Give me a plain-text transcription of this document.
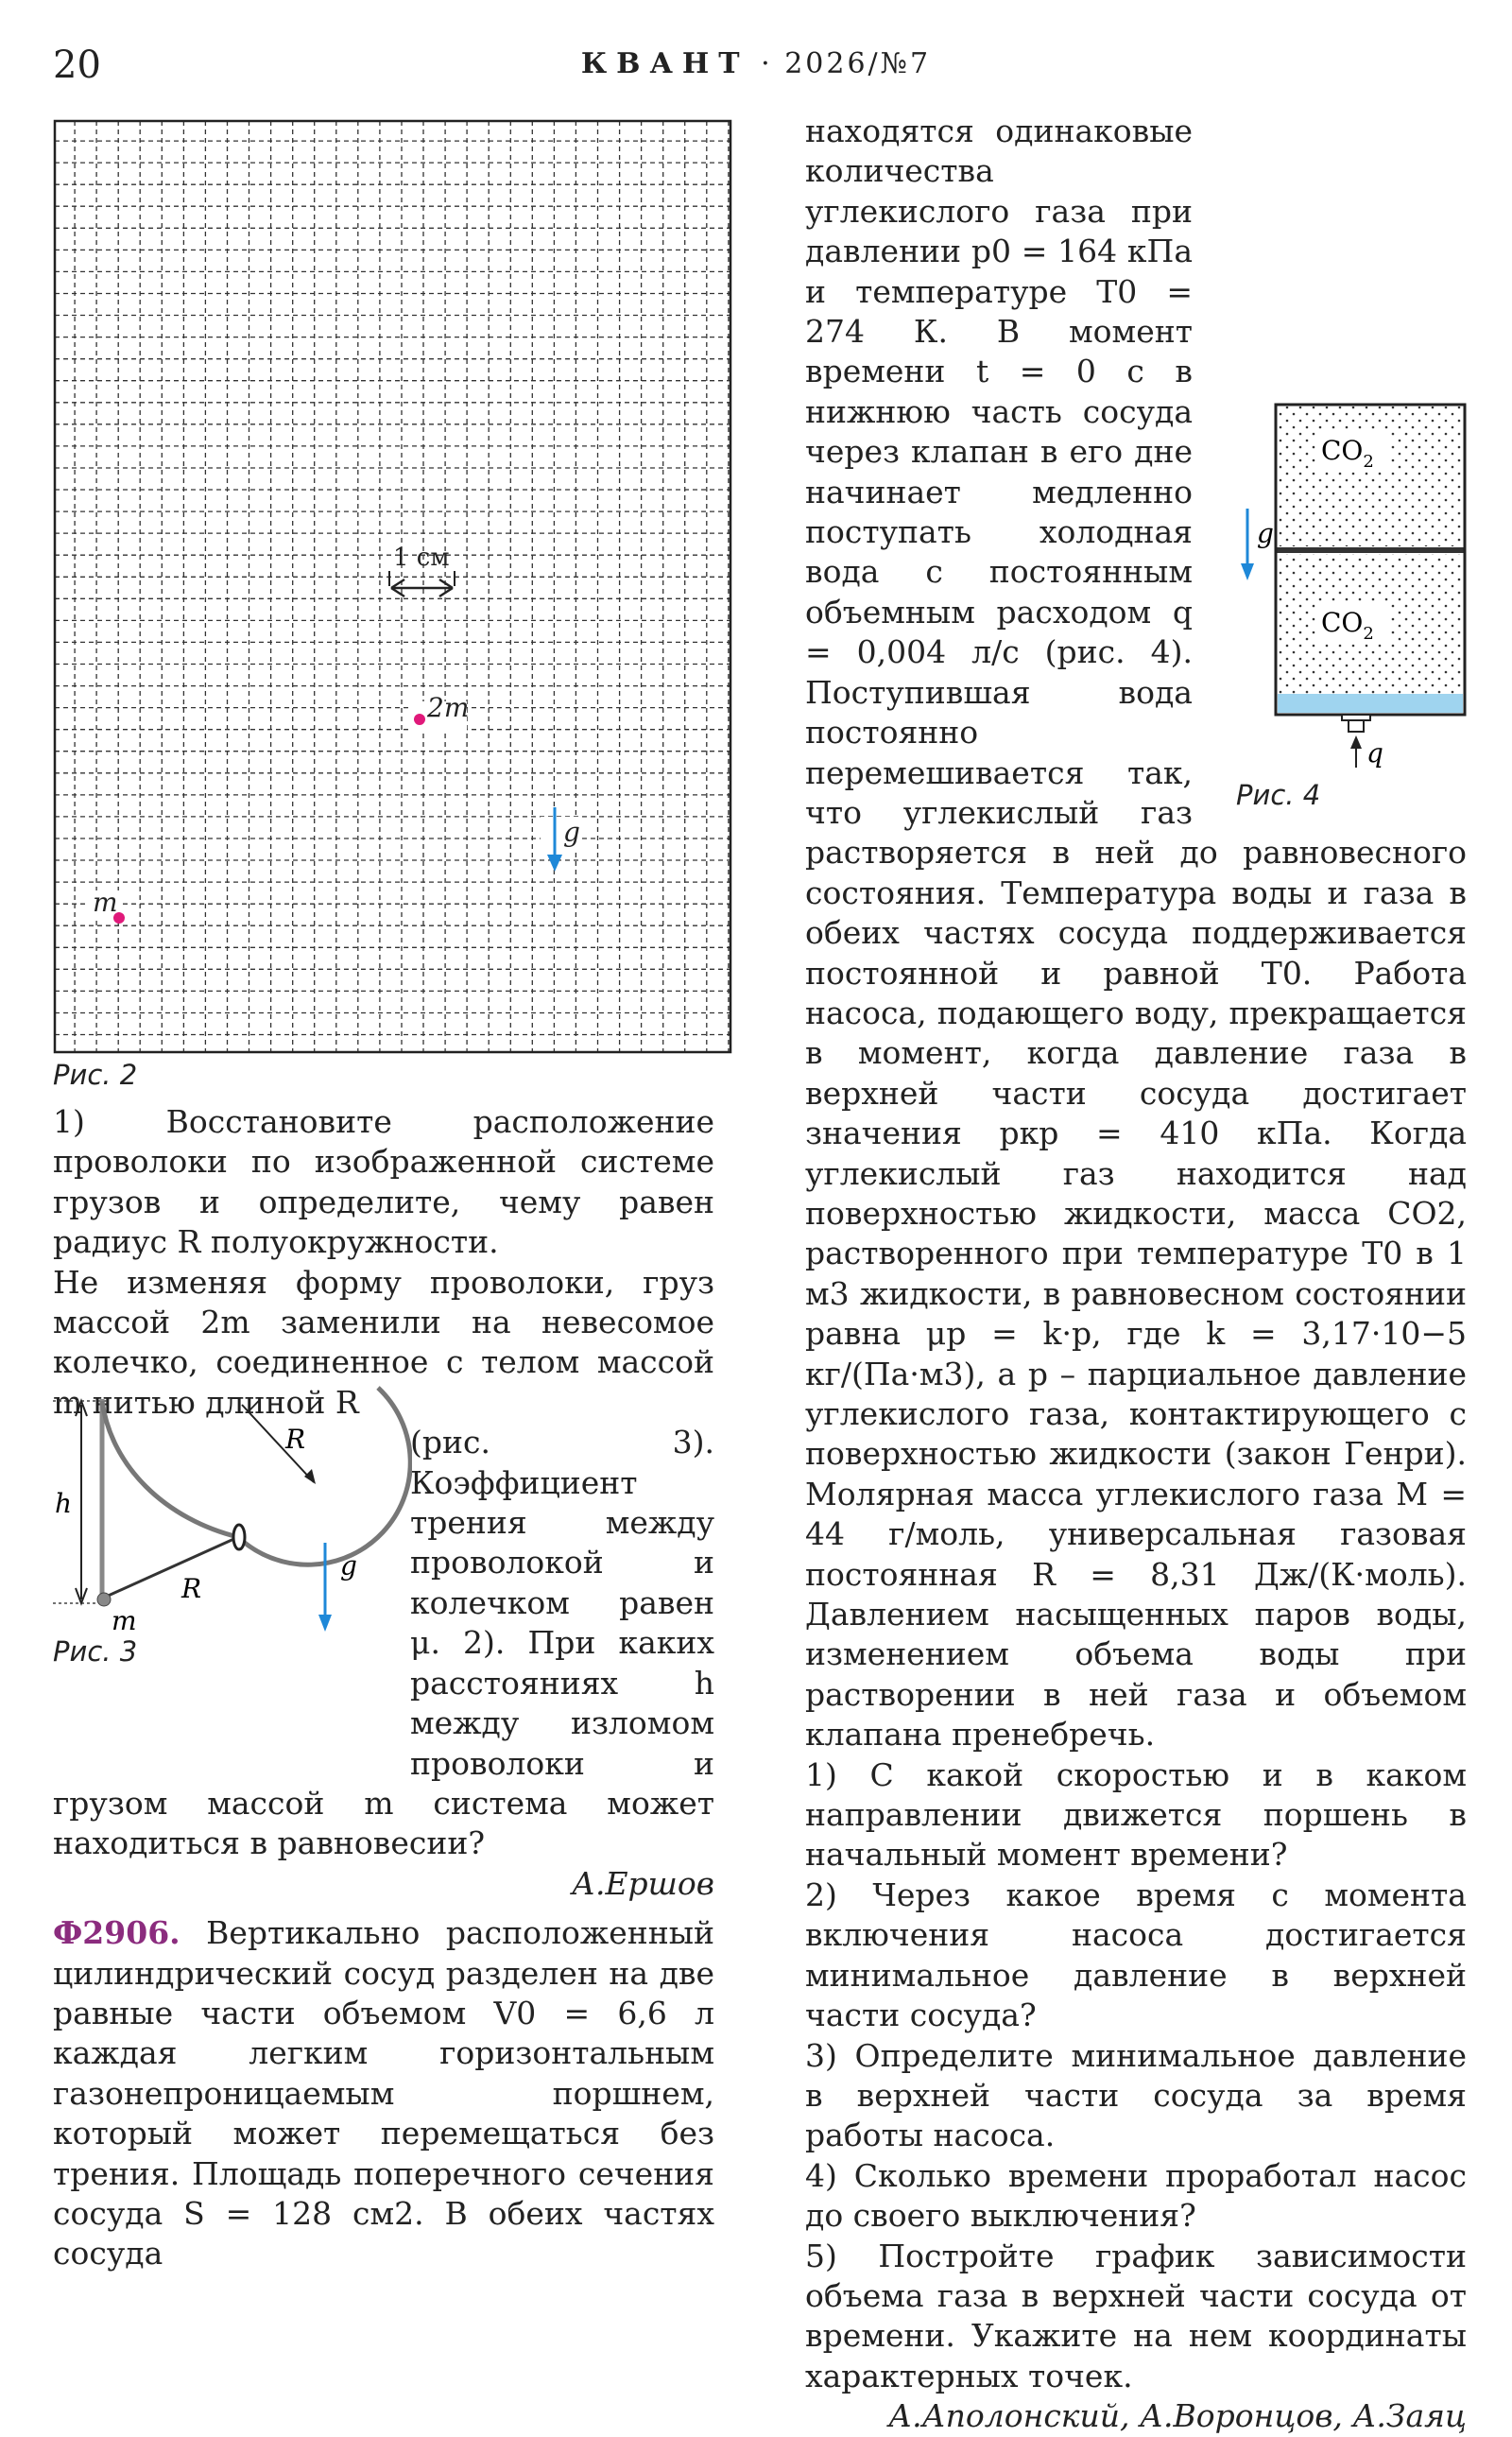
20	КВАНТ · 2026/№7
1 см
2m
m
g
Рис. 2

1) Восстановите расположение проволоки по изображенной системе грузов и определите, чему равен радиус R полуокружности.

Не изменяя форму проволоки, груз массой 2m заменили на невесомое колечко, соединенное с телом массой m нитью длиной R

(рис. 3). Коэффициент трения между проволокой и колечком равен μ. 2). При каких расстояниях h между изломом проволоки и грузом массой m система может находиться в равновесии?

А.Ершов

Ф2906. Вертикально расположенный цилиндрический сосуд разделен на две равные части объемом V0 = 6,6 л каждая легким горизонтальным газонепроницаемым поршнем, который может перемещаться без трения. Площадь поперечного сечения сосуда S = 128 см2. В обеих частях сосуда

h
R
R
m
g
Рис. 3

находятся одинаковые количества углекислого газа при давлении p0 = 164 кПа и температуре T0 = 274 К. В момент времени t = 0 с в нижнюю часть сосуда через клапан в его дне начинает медленно поступать холодная вода с постоянным объемным расходом q = 0,004 л/с (рис. 4). Поступившая вода постоянно перемешивается так, что углекислый газ растворяется в ней до равновесного состояния. Температура воды и газа в обеих частях сосуда поддерживается постоянной и равной T0. Работа насоса, подающего воду, прекращается в момент, когда давление газа в верхней части сосуда достигает значения pкр = 410 кПа. Когда углекислый газ находится над поверхностью жидкости, масса CO2, растворенного при температуре T0 в 1 м3 жидкости, в равновесном состоянии равна μр = k·p, где k = 3,17·10−5 кг/(Па·м3), а p – парциальное давление углекислого газа, контактирующего с поверхностью жидкости (закон Генри). Молярная масса углекислого газа M = 44 г/моль, универсальная газовая постоянная R = 8,31 Дж/(К·моль). Давлением насыщенных паров воды, изменением объема воды при растворении в ней газа и объемом клапана пренебречь.

1) С какой скоростью и в каком направлении движется поршень в начальный момент времени?

2) Через какое время с момента включения насоса достигается минимальное давление в верхней части сосуда?

3) Определите минимальное давление в верхней части сосуда за время работы насоса.

4) Сколько времени проработал насос до своего выключения?

5) Постройте график зависимости объема газа в верхней части сосуда от времени. Укажите на нем координаты характерных точек.

А.Аполонский, А.Воронцов, А.Заяц

$CO_2$
$CO_2$
q
g
Рис. 4
